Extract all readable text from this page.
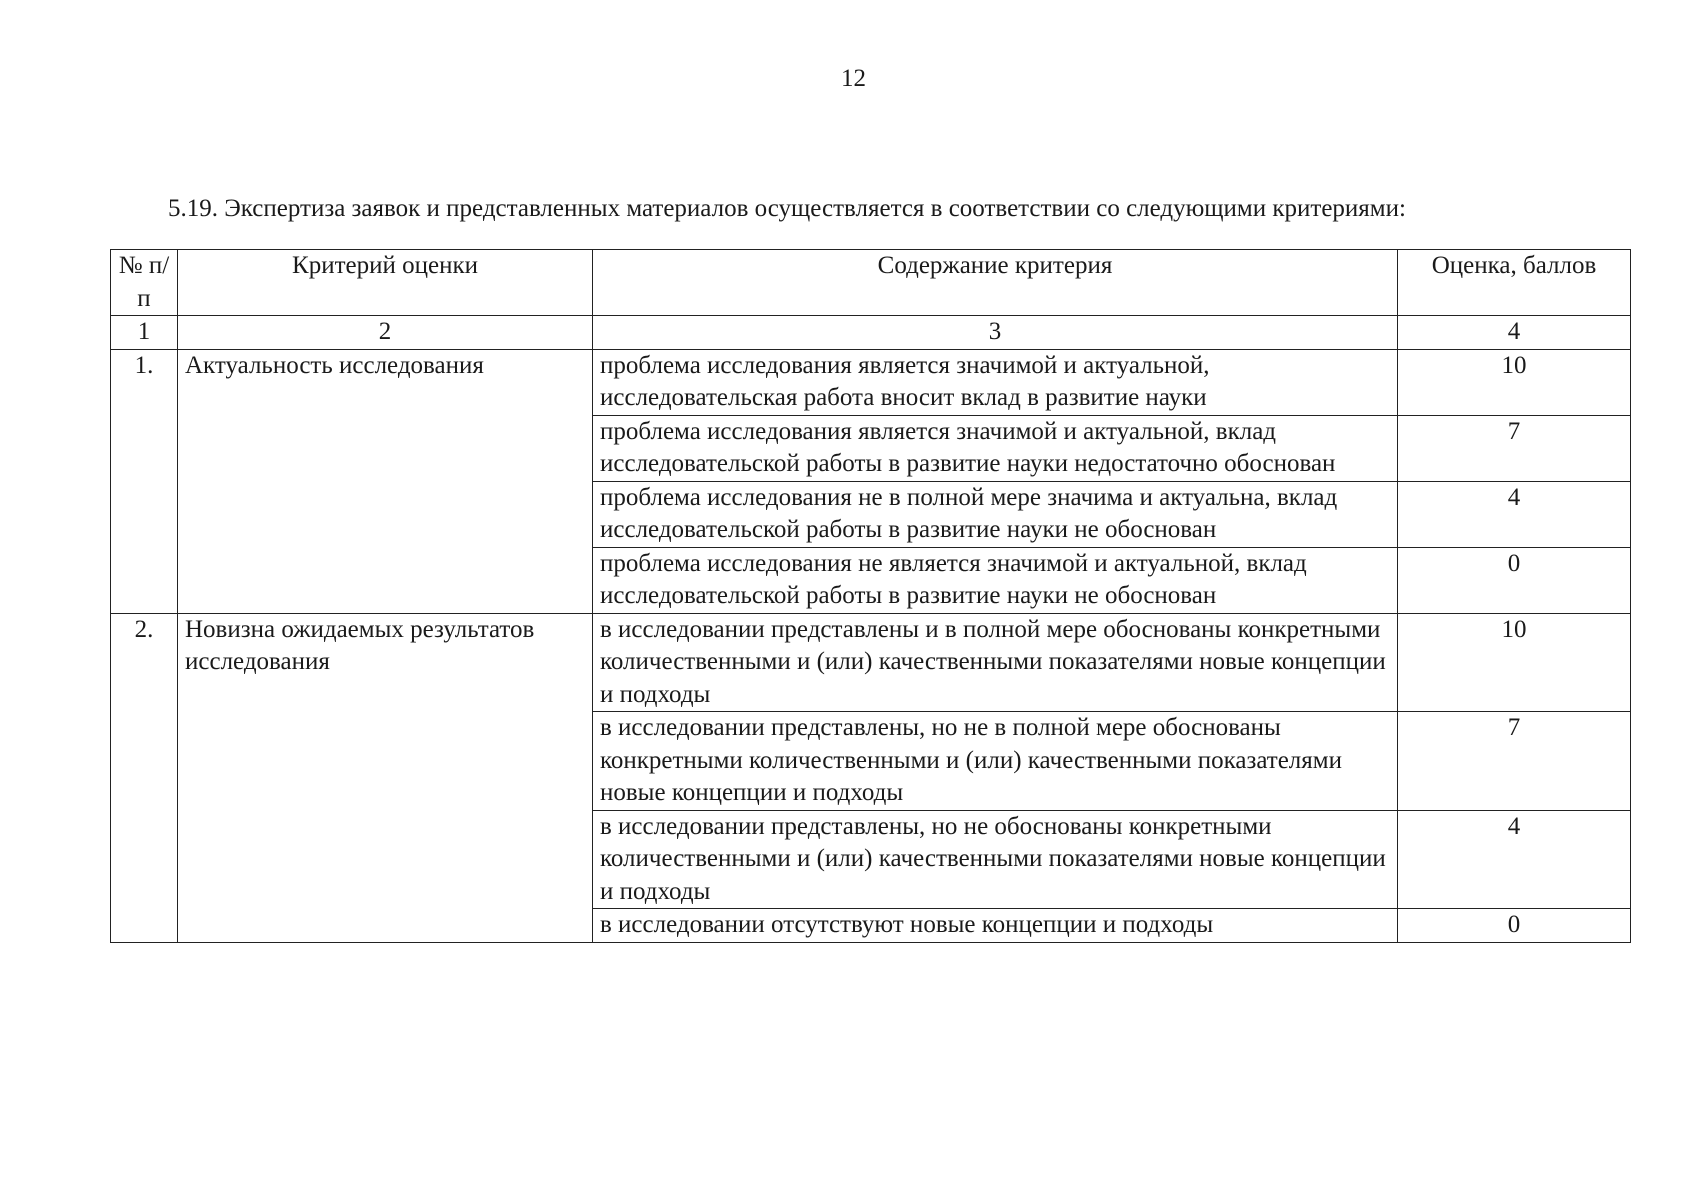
12
5.19. Экспертиза заявок и представленных материалов осуществляется в соответствии со следующими критериями:
№ п/п	Критерий оценки	Содержание критерия	Оценка, баллов
1	2	3	4
1.	Актуальность исследования	проблема исследования является значимой и актуальной, исследовательская работа вносит вклад в развитие науки	10
		проблема исследования является значимой и актуальной, вклад исследовательской работы в развитие науки недостаточно обоснован	7
		проблема исследования не в полной мере значима и актуальна, вклад исследовательской работы в развитие науки не обоснован	4
		проблема исследования не является значимой и актуальной, вклад исследовательской работы в развитие науки не обоснован	0
2.	Новизна ожидаемых результатов исследования	в исследовании представлены и в полной мере обоснованы конкретными количественными и (или) качественными показателями новые концепции и подходы	10
		в исследовании представлены, но не в полной мере обоснованы конкретными количественными и (или) качественными показателями новые концепции и подходы	7
		в исследовании представлены, но не обоснованы конкретными количественными и (или) качественными показателями новые концепции и подходы	4
		в исследовании отсутствуют новые концепции и подходы	0
